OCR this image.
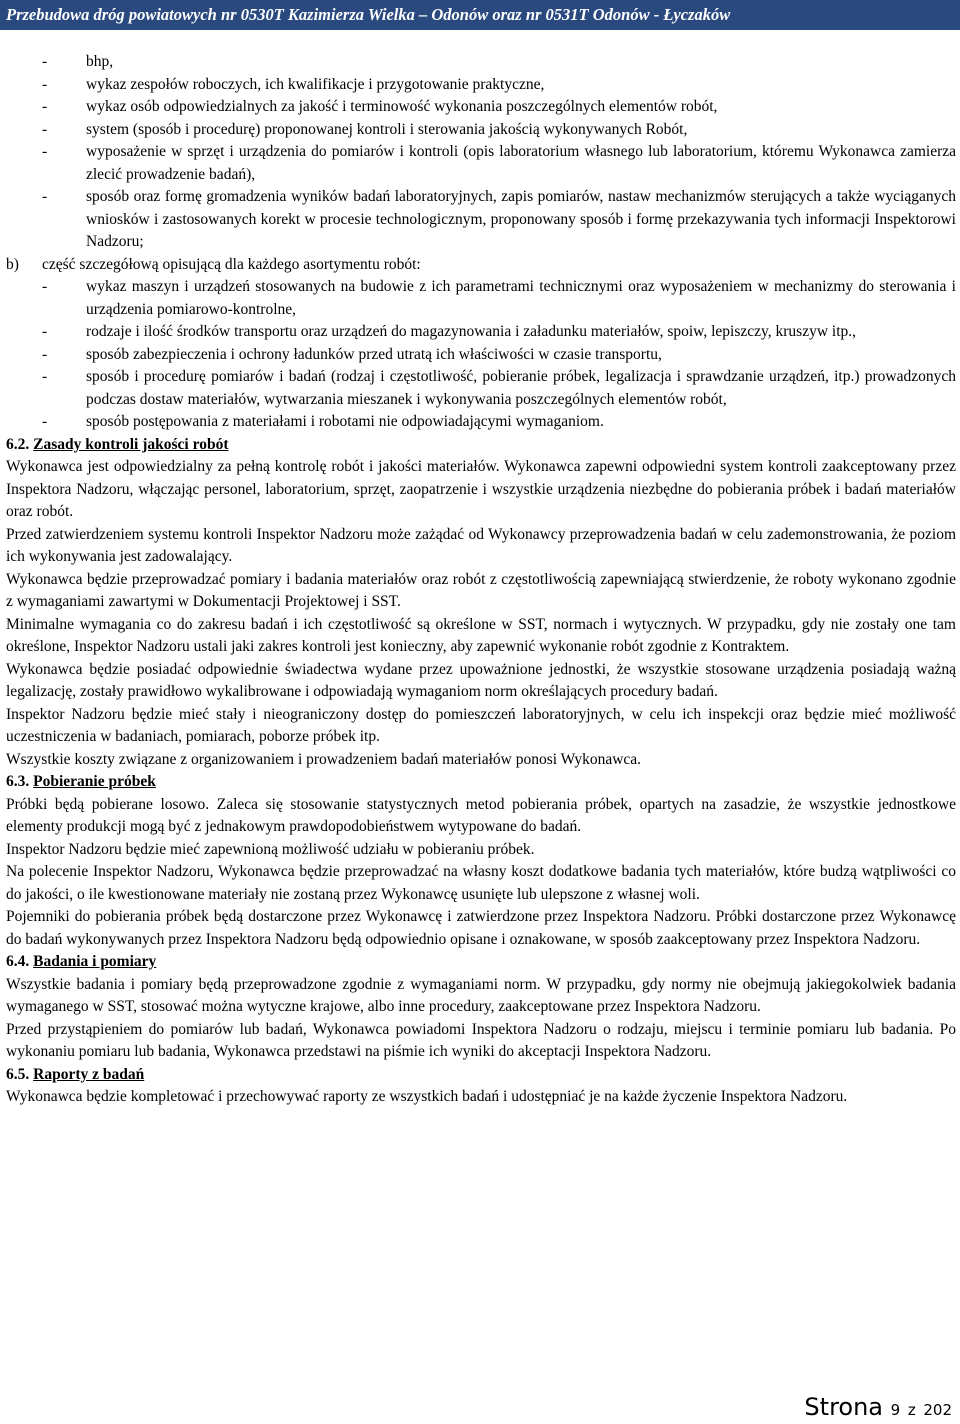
Przebudowa dróg powiatowych nr 0530T Kazimierza Wielka – Odonów oraz nr 0531T Odonów - Łyczaków
-	bhp,
-	wykaz zespołów roboczych, ich kwalifikacje i przygotowanie praktyczne,
-	wykaz osób odpowiedzialnych za jakość i terminowość wykonania poszczególnych elementów robót,
-	system (sposób i procedurę) proponowanej kontroli i sterowania jakością wykonywanych Robót,
-	wyposażenie w sprzęt i urządzenia do pomiarów i kontroli (opis laboratorium własnego lub laboratorium, któremu Wykonawca zamierza zlecić prowadzenie badań),
-	sposób oraz formę gromadzenia wyników badań laboratoryjnych, zapis pomiarów, nastaw mechanizmów sterujących a także wyciąganych wniosków i zastosowanych korekt w procesie technologicznym, proponowany sposób i formę przekazywania tych informacji Inspektorowi Nadzoru;
b) część szczegółową opisującą dla każdego asortymentu robót:
-	wykaz maszyn i urządzeń stosowanych na budowie z ich parametrami technicznymi oraz wyposażeniem w mechanizmy do sterowania i urządzenia pomiarowo-kontrolne,
-	rodzaje i ilość środków transportu oraz urządzeń do magazynowania i załadunku materiałów, spoiw, lepiszczy, kruszyw itp.,
-	sposób zabezpieczenia i ochrony ładunków przed utratą ich właściwości w czasie transportu,
-	sposób i procedurę pomiarów i badań (rodzaj i częstotliwość, pobieranie próbek, legalizacja i sprawdzanie urządzeń, itp.) prowadzonych podczas dostaw materiałów, wytwarzania mieszanek i wykonywania poszczególnych elementów robót,
-	sposób postępowania z materiałami i robotami nie odpowiadającymi wymaganiom.

6.2. Zasady kontroli jakości robót

Wykonawca jest odpowiedzialny za pełną kontrolę robót i jakości materiałów. Wykonawca zapewni odpowiedni system kontroli zaakceptowany przez Inspektora Nadzoru, włączając personel, laboratorium, sprzęt, zaopatrzenie i wszystkie urządzenia niezbędne do pobierania próbek i badań materiałów oraz robót.

Przed zatwierdzeniem systemu kontroli Inspektor Nadzoru może zażądać od Wykonawcy przeprowadzenia badań w celu zademonstrowania, że poziom ich wykonywania jest zadowalający.

Wykonawca będzie przeprowadzać pomiary i badania materiałów oraz robót z częstotliwością zapewniającą stwierdzenie, że roboty wykonano zgodnie z wymaganiami zawartymi w Dokumentacji Projektowej i SST.

Minimalne wymagania co do zakresu badań i ich częstotliwość są określone w SST, normach i wytycznych. W przypadku, gdy nie zostały one tam określone, Inspektor Nadzoru ustali jaki zakres kontroli jest konieczny, aby zapewnić wykonanie robót zgodnie z Kontraktem.

Wykonawca będzie posiadać odpowiednie świadectwa wydane przez upoważnione jednostki, że wszystkie stosowane urządzenia posiadają ważną legalizację, zostały prawidłowo wykalibrowane i odpowiadają wymaganiom norm określających procedury badań.

Inspektor Nadzoru będzie mieć stały i nieograniczony dostęp do pomieszczeń laboratoryjnych, w celu ich inspekcji oraz będzie mieć możliwość uczestniczenia w badaniach, pomiarach, poborze próbek itp.

Wszystkie koszty związane z organizowaniem i prowadzeniem badań materiałów ponosi Wykonawca.

6.3. Pobieranie próbek

Próbki będą pobierane losowo. Zaleca się stosowanie statystycznych metod pobierania próbek, opartych na zasadzie, że wszystkie jednostkowe elementy produkcji mogą być z jednakowym prawdopodobieństwem wytypowane do badań.

Inspektor Nadzoru będzie mieć zapewnioną możliwość udziału w pobieraniu próbek.

Na polecenie Inspektor Nadzoru, Wykonawca będzie przeprowadzać na własny koszt dodatkowe badania tych materiałów, które budzą wątpliwości co do jakości, o ile kwestionowane materiały nie zostaną przez Wykonawcę usunięte lub ulepszone z własnej woli.

Pojemniki do pobierania próbek będą dostarczone przez Wykonawcę i zatwierdzone przez Inspektora Nadzoru. Próbki dostarczone przez Wykonawcę do badań wykonywanych przez Inspektora Nadzoru będą odpowiednio opisane i oznakowane, w sposób zaakceptowany przez Inspektora Nadzoru.

6.4. Badania i pomiary

Wszystkie badania i pomiary będą przeprowadzone zgodnie z wymaganiami norm. W przypadku, gdy normy nie obejmują jakiegokolwiek badania wymaganego w SST, stosować można wytyczne krajowe, albo inne procedury, zaakceptowane przez Inspektora Nadzoru.

Przed przystąpieniem do pomiarów lub badań, Wykonawca powiadomi Inspektora Nadzoru o rodzaju, miejscu i terminie pomiaru lub badania. Po wykonaniu pomiaru lub badania, Wykonawca przedstawi na piśmie ich wyniki do akceptacji Inspektora Nadzoru.

6.5. Raporty z badań

Wykonawca będzie kompletować i przechowywać raporty ze wszystkich badań i udostępniać je na każde życzenie Inspektora Nadzoru.

Strona 9 z 202
